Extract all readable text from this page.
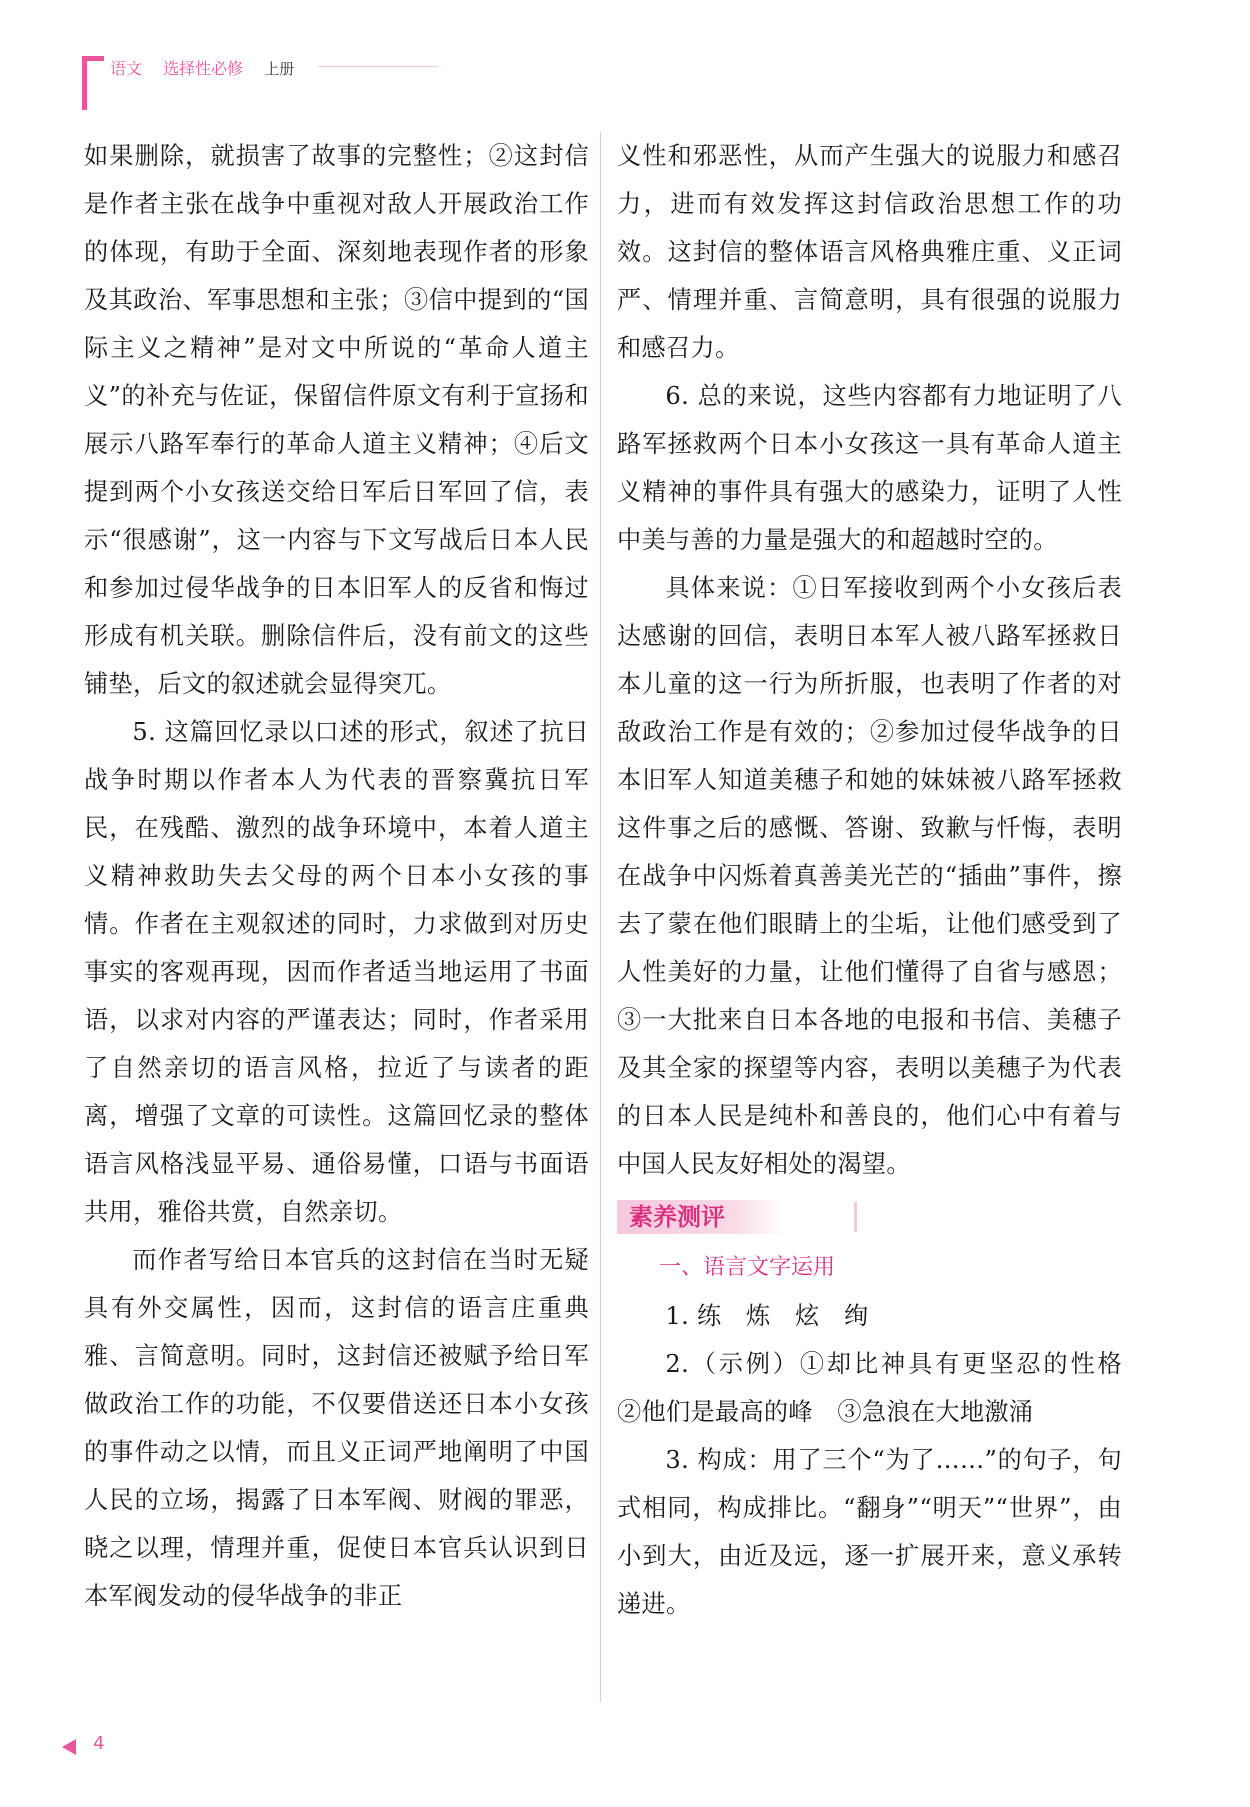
语文 选择性必修 上册

如果删除，就损害了故事的完整性；②这封信是作者主张在战争中重视对敌人开展政治工作的体现，有助于全面、深刻地表现作者的形象及其政治、军事思想和主张；③信中提到的“国际主义之精神”是对文中所说的“革命人道主义”的补充与佐证，保留信件原文有利于宣扬和展示八路军奉行的革命人道主义精神；④后文提到两个小女孩送交给日军后日军回了信，表示“很感谢”，这一内容与下文写战后日本人民和参加过侵华战争的日本旧军人的反省和悔过形成有机关联。删除信件后，没有前文的这些铺垫，后文的叙述就会显得突兀。

5. 这篇回忆录以口述的形式，叙述了抗日战争时期以作者本人为代表的晋察冀抗日军民，在残酷、激烈的战争环境中，本着人道主义精神救助失去父母的两个日本小女孩的事情。作者在主观叙述的同时，力求做到对历史事实的客观再现，因而作者适当地运用了书面语，以求对内容的严谨表达；同时，作者采用了自然亲切的语言风格，拉近了与读者的距离，增强了文章的可读性。这篇回忆录的整体语言风格浅显平易、通俗易懂，口语与书面语共用，雅俗共赏，自然亲切。

而作者写给日本官兵的这封信在当时无疑具有外交属性，因而，这封信的语言庄重典雅、言简意明。同时，这封信还被赋予给日军做政治工作的功能，不仅要借送还日本小女孩的事件动之以情，而且义正词严地阐明了中国人民的立场，揭露了日本军阀、财阀的罪恶，晓之以理，情理并重，促使日本官兵认识到日本军阀发动的侵华战争的非正

义性和邪恶性，从而产生强大的说服力和感召力，进而有效发挥这封信政治思想工作的功效。这封信的整体语言风格典雅庄重、义正词严、情理并重、言简意明，具有很强的说服力和感召力。

6. 总的来说，这些内容都有力地证明了八路军拯救两个日本小女孩这一具有革命人道主义精神的事件具有强大的感染力，证明了人性中美与善的力量是强大的和超越时空的。

具体来说：①日军接收到两个小女孩后表达感谢的回信，表明日本军人被八路军拯救日本儿童的这一行为所折服，也表明了作者的对敌政治工作是有效的；②参加过侵华战争的日本旧军人知道美穗子和她的妹妹被八路军拯救这件事之后的感慨、答谢、致歉与忏悔，表明在战争中闪烁着真善美光芒的“插曲”事件，擦去了蒙在他们眼睛上的尘垢，让他们感受到了人性美好的力量，让他们懂得了自省与感恩；③一大批来自日本各地的电报和书信、美穗子及其全家的探望等内容，表明以美穗子为代表的日本人民是纯朴和善良的，他们心中有着与中国人民友好相处的渴望。

素养测评
一、语言文字运用

1. 练　炼　炫　绚

2.（示例）①却比神具有更坚忍的性格　②他们是最高的峰　③急浪在大地激涌

3. 构成：用了三个“为了……”的句子，句式相同，构成排比。“翻身”“明天”“世界”，由小到大，由近及远，逐一扩展开来，意义承转递进。

4
